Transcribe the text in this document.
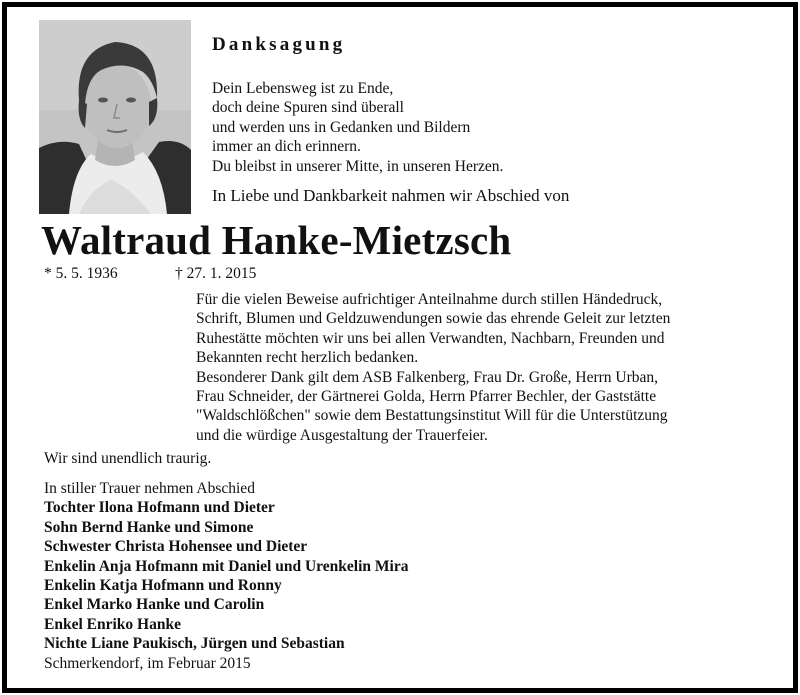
Danksagung
Dein Lebensweg ist zu Ende,
doch deine Spuren sind überall
und werden uns in Gedanken und Bildern
immer an dich erinnern.
Du bleibst in unserer Mitte, in unseren Herzen.
In Liebe und Dankbarkeit nahmen wir Abschied von
Waltraud Hanke-Mietzsch
* 5. 5. 1936	† 27. 1. 2015
Für die vielen Beweise aufrichtiger Anteilnahme durch stillen Händedruck,
Schrift, Blumen und Geldzuwendungen sowie das ehrende Geleit zur letzten
Ruhestätte möchten wir uns bei allen Verwandten, Nachbarn, Freunden und
Bekannten recht herzlich bedanken.
Besonderer Dank gilt dem ASB Falkenberg, Frau Dr. Große, Herrn Urban,
Frau Schneider, der Gärtnerei Golda, Herrn Pfarrer Bechler, der Gaststätte
"Waldschlößchen" sowie dem Bestattungsinstitut Will für die Unterstützung
und die würdige Ausgestaltung der Trauerfeier.
Wir sind unendlich traurig.
In stiller Trauer nehmen Abschied
Tochter Ilona Hofmann und Dieter
Sohn Bernd Hanke und Simone
Schwester Christa Hohensee und Dieter
Enkelin Anja Hofmann mit Daniel und Urenkelin Mira
Enkelin Katja Hofmann und Ronny
Enkel Marko Hanke und Carolin
Enkel Enriko Hanke
Nichte Liane Paukisch, Jürgen und Sebastian
Schmerkendorf, im Februar 2015
